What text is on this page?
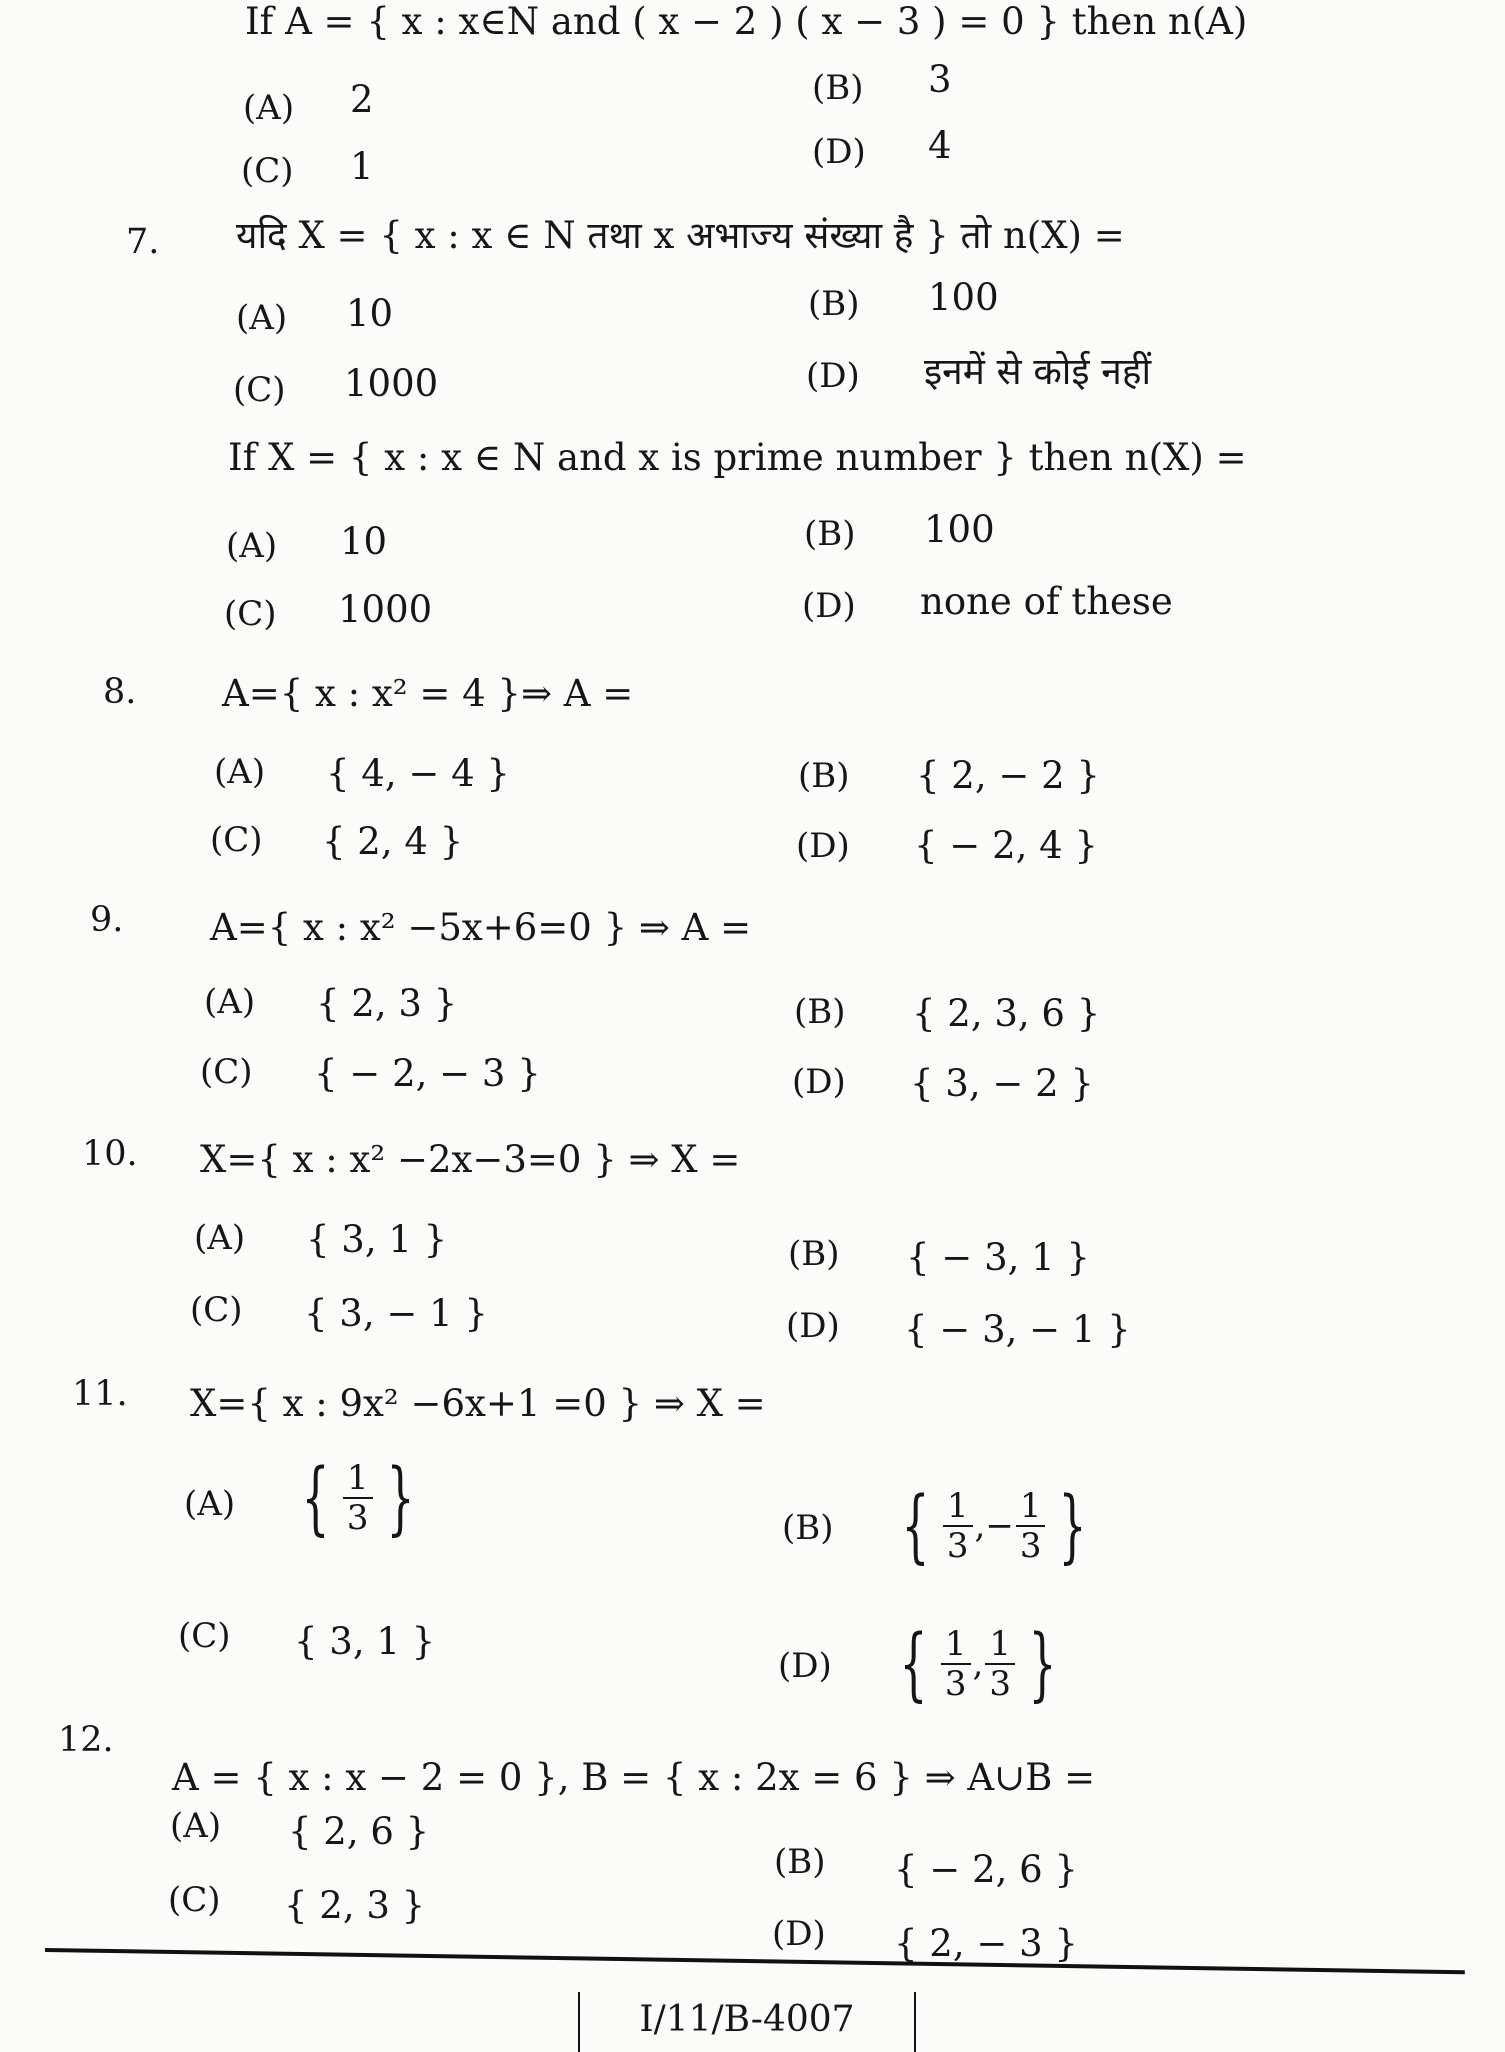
If A = { x : x∈N and ( x − 2 ) ( x − 3 ) = 0 } then n(A)
(A) 2	(B) 3
(C) 1	(D) 4
7. यदि X = { x : x ∈ N तथा x अभाज्य संख्या है } तो n(X) =
(A) 10	(B) 100
(C) 1000	(D) इनमें से कोई नहीं
If X = { x : x ∈ N and x is prime number } then n(X) =
(A) 10	(B) 100
(C) 1000	(D) none of these
8. A={ x : x² = 4 }⇒ A =
(A) { 4, − 4 }	(B) { 2, − 2 }
(C) { 2, 4 }	(D) { − 2, 4 }
9. A={ x : x² −5x+6=0 } ⇒ A =
(A) { 2, 3 }	(B) { 2, 3, 6 }
(C) { − 2, − 3 }	(D) { 3, − 2 }
10. X={ x : x² −2x−3=0 } ⇒ X =
(A) { 3, 1 }	(B) { − 3, 1 }
(C) { 3, − 1 }	(D) { − 3, − 1 }
11. X={ x : 9x² −6x+1 =0 } ⇒ X =
(A) { 1
3 }	(B) { 1
3 ,− $\frac{1}{3}$ }
(C) { 3, 1 }
(D) { 1
3 , 1
3 }
12.
A = { x : x − 2 = 0 }, B = { x : 2x = 6 } ⇒ A∪B =
(A) { 2, 6 }
(B) { − 2, 6 }
(C) { 2, 3 }
(D) { 2, − 3 }
I/11/B-4007
